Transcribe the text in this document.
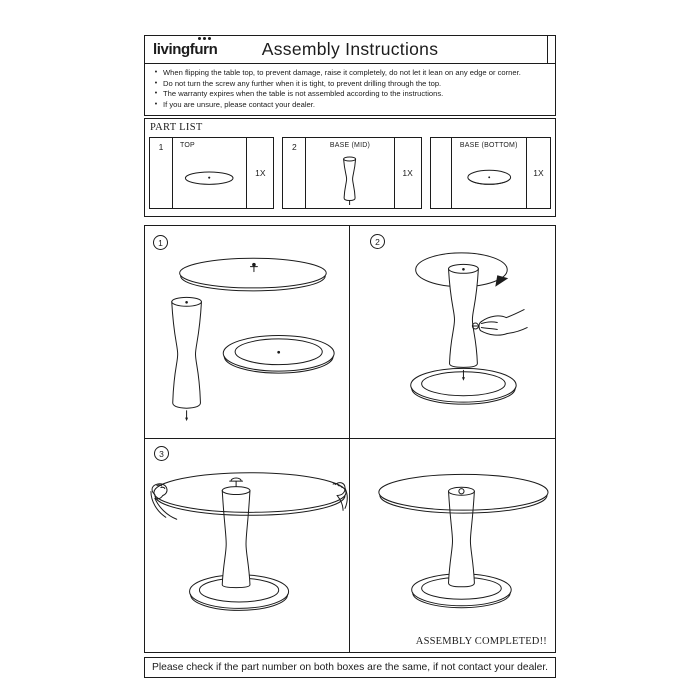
livingfurn	Assembly Instructions
• When flipping the table top, to prevent damage, raise it completely, do not let it lean on any edge or corner.
• Do not turn the screw any further when it is tight, to prevent drilling through the top.
• The warranty expires when the table is not assembled according to the instructions.
• If you are unsure, please contact your dealer.
PART LIST
1	TOP
1X
2	BASE (MID)
1X
BASE (BOTTOM)
1X
1	2
3
ASSEMBLY COMPLETED!!
Please check if the part number on both boxes are the same, if not contact your dealer.
